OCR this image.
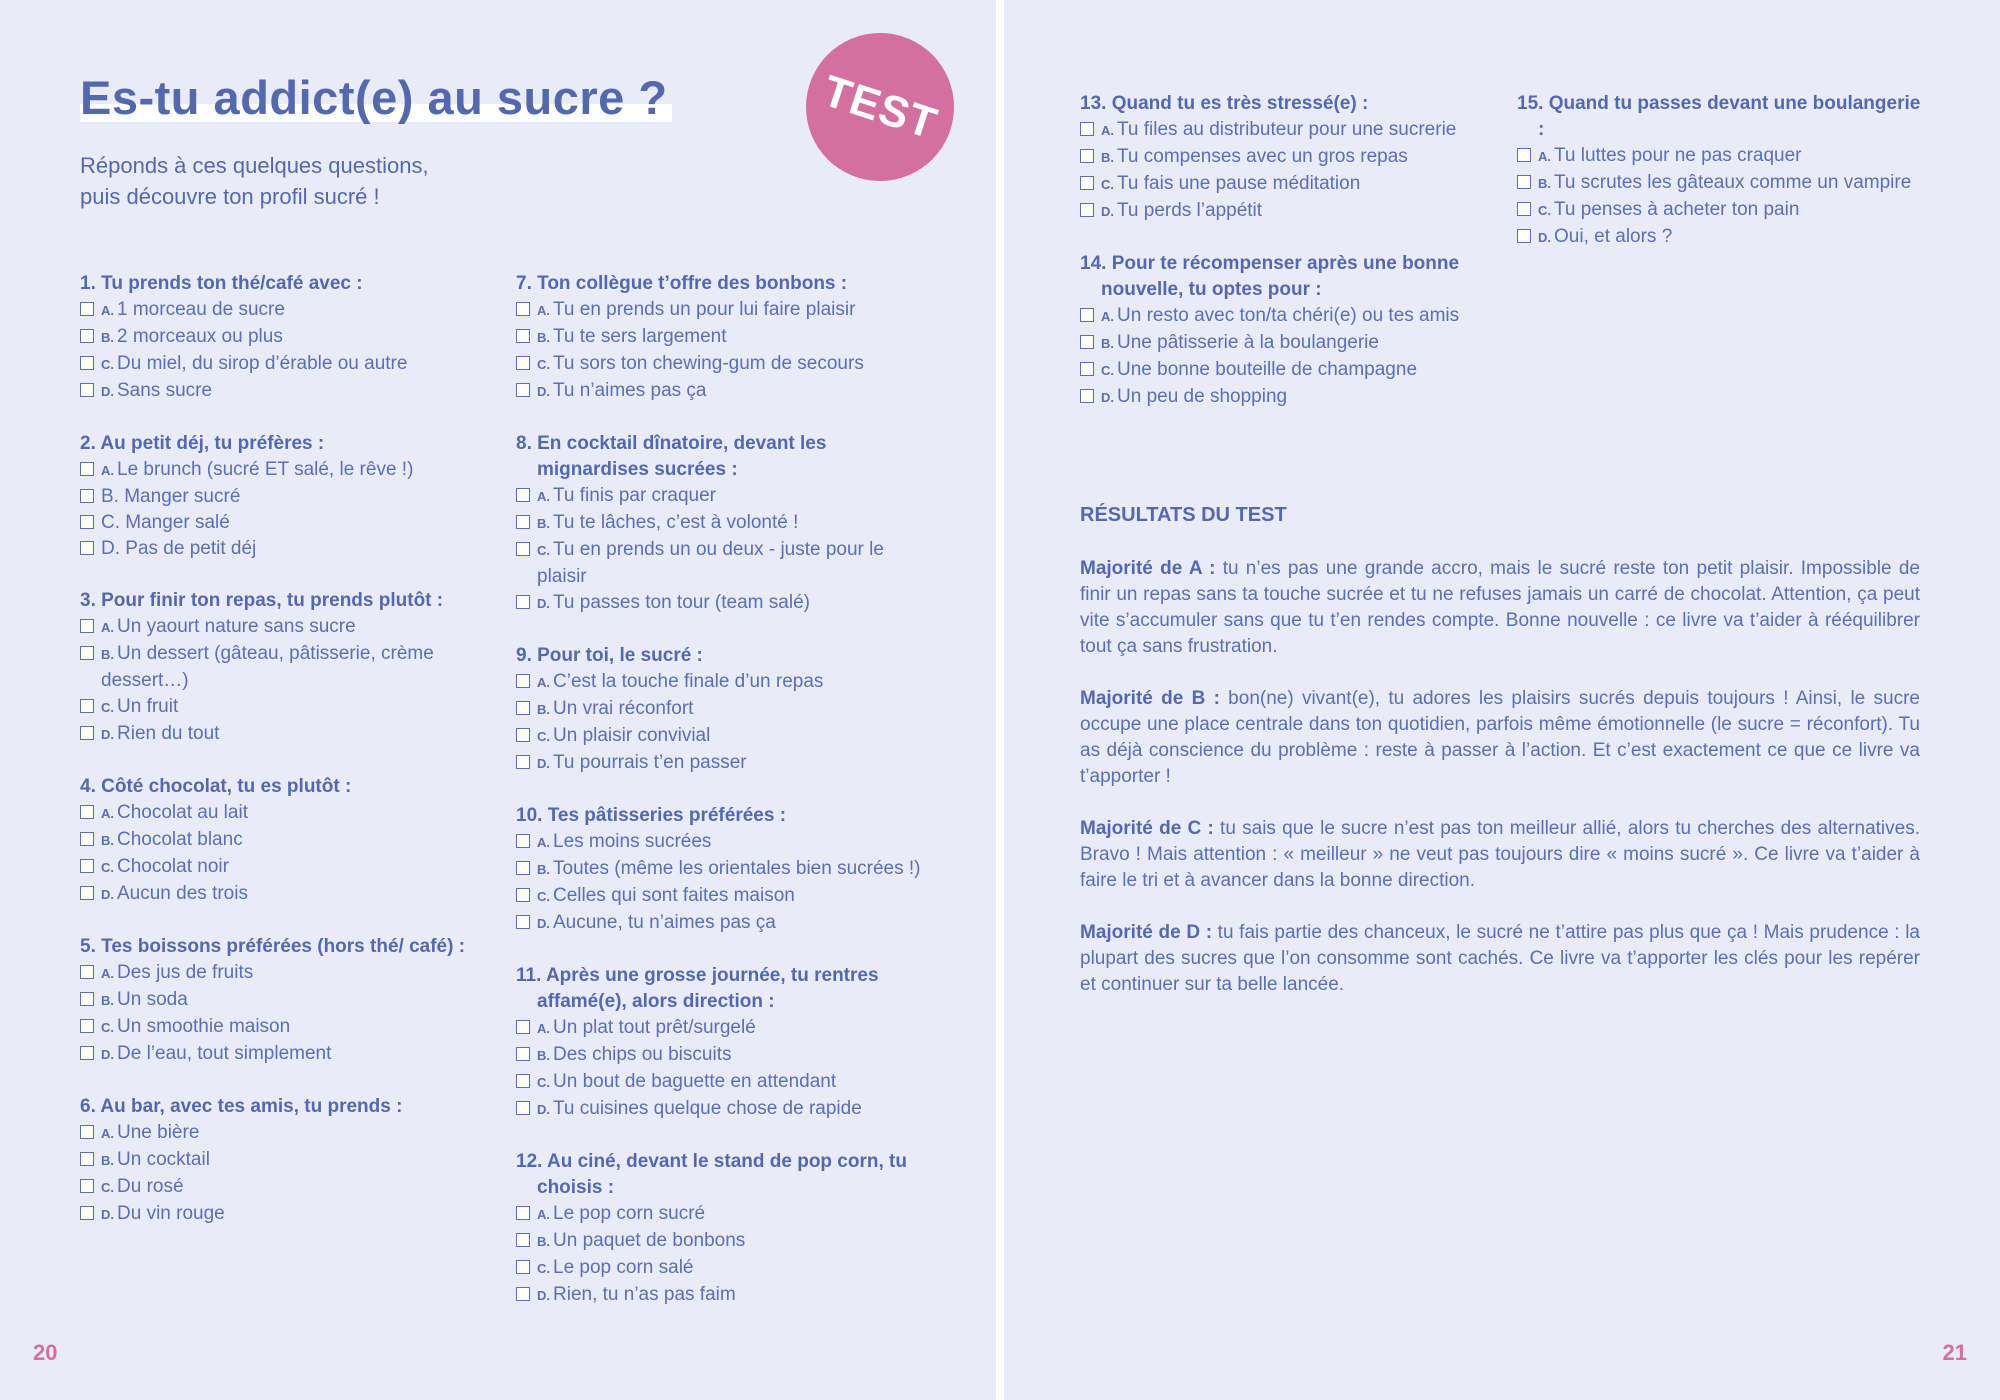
Es-tu addict(e) au sucre ?

Réponds à ces quelques questions,
puis découvre ton profil sucré !

TEST
1. Tu prends ton thé/café avec :
A. 1 morceau de sucre
B. 2 morceaux ou plus
C. Du miel, du sirop d’érable ou autre
D. Sans sucre
2. Au petit déj, tu préfères :
A. Le brunch (sucré ET salé, le rêve !)
B. Manger sucré
C. Manger salé
D. Pas de petit déj
3. Pour finir ton repas, tu prends plutôt :
A. Un yaourt nature sans sucre
B. Un dessert (gâteau, pâtisserie, crème dessert…)
C. Un fruit
D. Rien du tout
4. Côté chocolat, tu es plutôt :
A. Chocolat au lait
B. Chocolat blanc
C. Chocolat noir
D. Aucun des trois
5. Tes boissons préférées (hors thé/ café) :
A. Des jus de fruits
B. Un soda
C. Un smoothie maison
D. De l’eau, tout simplement
6. Au bar, avec tes amis, tu prends :
A. Une bière
B. Un cocktail
C. Du rosé
D. Du vin rouge
7. Ton collègue t’offre des bonbons :
A. Tu en prends un pour lui faire plaisir
B. Tu te sers largement
C. Tu sors ton chewing-gum de secours
D. Tu n’aimes pas ça
8. En cocktail dînatoire, devant les mignardises sucrées :
A. Tu finis par craquer
B. Tu te lâches, c’est à volonté !
C. Tu en prends un ou deux - juste pour le plaisir
D. Tu passes ton tour (team salé)
9. Pour toi, le sucré :
A. C’est la touche finale d’un repas
B. Un vrai réconfort
C. Un plaisir convivial
D. Tu pourrais t’en passer
10. Tes pâtisseries préférées :
A. Les moins sucrées
B. Toutes (même les orientales bien sucrées !)
C. Celles qui sont faites maison
D. Aucune, tu n’aimes pas ça
11. Après une grosse journée, tu rentres affamé(e), alors direction :
A. Un plat tout prêt/surgelé
B. Des chips ou biscuits
C. Un bout de baguette en attendant
D. Tu cuisines quelque chose de rapide
12. Au ciné, devant le stand de pop corn, tu choisis :
A. Le pop corn sucré
B. Un paquet de bonbons
C. Le pop corn salé
D. Rien, tu n’as pas faim

20

13. Quand tu es très stressé(e) :
A. Tu files au distributeur pour une sucrerie
B. Tu compenses avec un gros repas
C. Tu fais une pause méditation
D. Tu perds l’appétit
14. Pour te récompenser après une bonne nouvelle, tu optes pour :
A. Un resto avec ton/ta chéri(e) ou tes amis
B. Une pâtisserie à la boulangerie
C. Une bonne bouteille de champagne
D. Un peu de shopping
15. Quand tu passes devant une boulangerie :
A. Tu luttes pour ne pas craquer
B. Tu scrutes les gâteaux comme un vampire
C. Tu penses à acheter ton pain
D. Oui, et alors ?
RÉSULTATS DU TEST

Majorité de A : tu n’es pas une grande accro, mais le sucré reste ton petit plaisir. Impossible de finir un repas sans ta touche sucrée et tu ne refuses jamais un carré de chocolat. Attention, ça peut vite s’accumuler sans que tu t’en rendes compte. Bonne nouvelle : ce livre va t’aider à rééquilibrer tout ça sans frustration.

Majorité de B : bon(ne) vivant(e), tu adores les plaisirs sucrés depuis toujours ! Ainsi, le sucre occupe une place centrale dans ton quotidien, parfois même émotionnelle (le sucre = réconfort). Tu as déjà conscience du problème : reste à passer à l’action. Et c’est exactement ce que ce livre va t’apporter !

Majorité de C : tu sais que le sucre n’est pas ton meilleur allié, alors tu cherches des alternatives. Bravo ! Mais attention : « meilleur » ne veut pas toujours dire « moins sucré ». Ce livre va t’aider à faire le tri et à avancer dans la bonne direction.

Majorité de D : tu fais partie des chanceux, le sucré ne t’attire pas plus que ça ! Mais prudence : la plupart des sucres que l’on consomme sont cachés. Ce livre va t’apporter les clés pour les repérer et continuer sur ta belle lancée.

21
